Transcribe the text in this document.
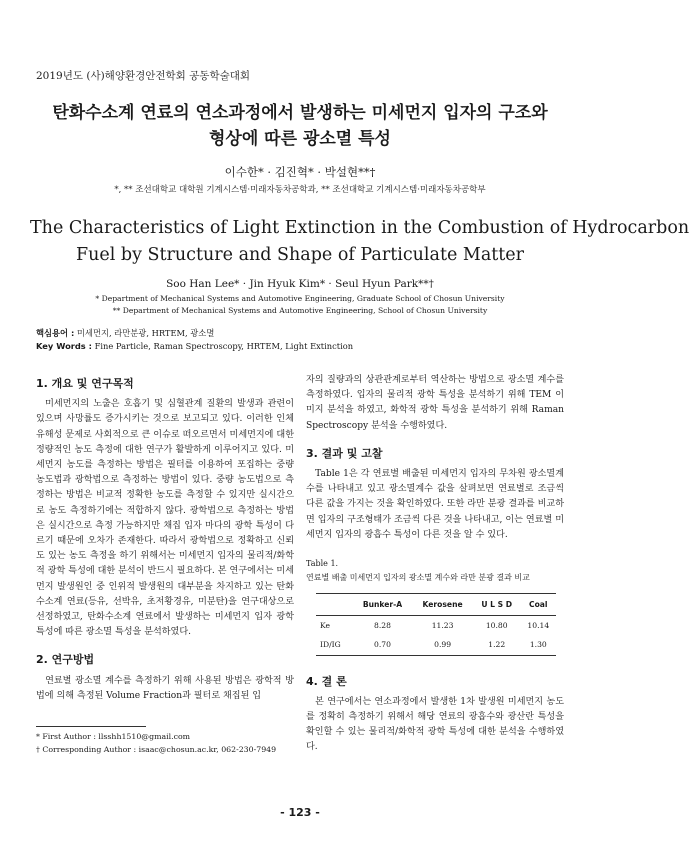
2019년도 (사)해양환경안전학회 공동학술대회
탄화수소계 연료의 연소과정에서 발생하는 미세먼지 입자의 구조와
형상에 따른 광소멸 특성
이수한* · 김진혁* · 박설현**†
*, ** 조선대학교 대학원 기계시스템·미래자동차공학과, ** 조선대학교 기계시스템·미래자동차공학부
The Characteristics of Light Extinction in the Combustion of Hydrocarbon
Fuel by Structure and Shape of Particulate Matter
Soo Han Lee* · Jin Hyuk Kim* · Seul Hyun Park**†
* Department of Mechanical Systems and Automotive Engineering, Graduate School of Chosun University
** Department of Mechanical Systems and Automotive Engineering, School of Chosun University
핵심용어 : 미세먼지, 라만분광, HRTEM, 광소멸
Key Words : Fine Particle, Raman Spectroscopy, HRTEM, Light Extinction
1. 개요 및 연구목적

미세먼지의 노출은 호흡기 및 심혈관계 질환의 발생과 관련이 있으며 사망률도 증가시키는 것으로 보고되고 있다. 이러한 인체 유해성 문제로 사회적으로 큰 이슈로 떠오르면서 미세먼지에 대한 정량적인 농도 측정에 대한 연구가 활발하게 이루어지고 있다. 미세먼지 농도를 측정하는 방법은 필터를 이용하여 포집하는 중량 농도법과 광학법으로 측정하는 방법이 있다. 중량 농도법으로 측정하는 방법은 비교적 정확한 농도를 측정할 수 있지만 실시간으로 농도 측정하기에는 적합하지 않다. 광학법으로 측정하는 방법은 실시간으로 측정 가능하지만 채집 입자 마다의 광학 특성이 다르기 때문에 오차가 존재한다. 따라서 광학법으로 정확하고 신뢰도 있는 농도 측정을 하기 위해서는 미세먼지 입자의 물리적/화학적 광학 특성에 대한 분석이 반드시 필요하다. 본 연구에서는 미세먼지 발생원인 중 인위적 발생원의 대부분을 차지하고 있는 탄화수소계 연료(등유, 선박유, 초저황경유, 미분탄)을 연구대상으로 선정하였고, 탄화수소계 연료에서 발생하는 미세먼지 입자 광학 특성에 따른 광소멸 특성을 분석하였다.

2. 연구방법

연료별 광소멸 계수를 측정하기 위해 사용된 방법은 광학적 방법에 의해 측정된 Volume Fraction과 필터로 채집된 입

자의 질량과의 상관관계로부터 역산하는 방법으로 광소멸 계수를 측정하였다. 입자의 물리적 광학 특성을 분석하기 위해 TEM 이미지 분석을 하였고, 화학적 광학 특성을 분석하기 위해 Raman Spectroscopy 분석을 수행하였다.

3. 결과 및 고찰

Table 1은 각 연료별 배출된 미세먼지 입자의 무차원 광소멸계수를 나타내고 있고 광소멸계수 값을 살펴보면 연료별로 조금씩 다른 값을 가지는 것을 확인하였다. 또한 라만 분광 결과를 비교하면 입자의 구조형태가 조금씩 다른 것을 나타내고, 이는 연료별 미세먼지 입자의 광흡수 특성이 다른 것을 알 수 있다.

Table 1. 연료별 배출 미세먼지 입자의 광소멸 계수와 라만 분광 결과 비교
	Bunker-A	Kerosene	U L S D	Coal
Ke	8.28	11.23	10.80	10.14
ID/IG	0.70	0.99	1.22	1.30
4. 결 론

본 연구에서는 연소과정에서 발생한 1차 발생원 미세먼지 농도를 정확히 측정하기 위해서 해당 연료의 광흡수와 광산란 특성을 확인할 수 있는 물리적/화학적 광학 특성에 대한 분석을 수행하였다.

* First Author : llsshh1510@gmail.com
† Corresponding Author : isaac@chosun.ac.kr, 062-230-7949
- 123 -
